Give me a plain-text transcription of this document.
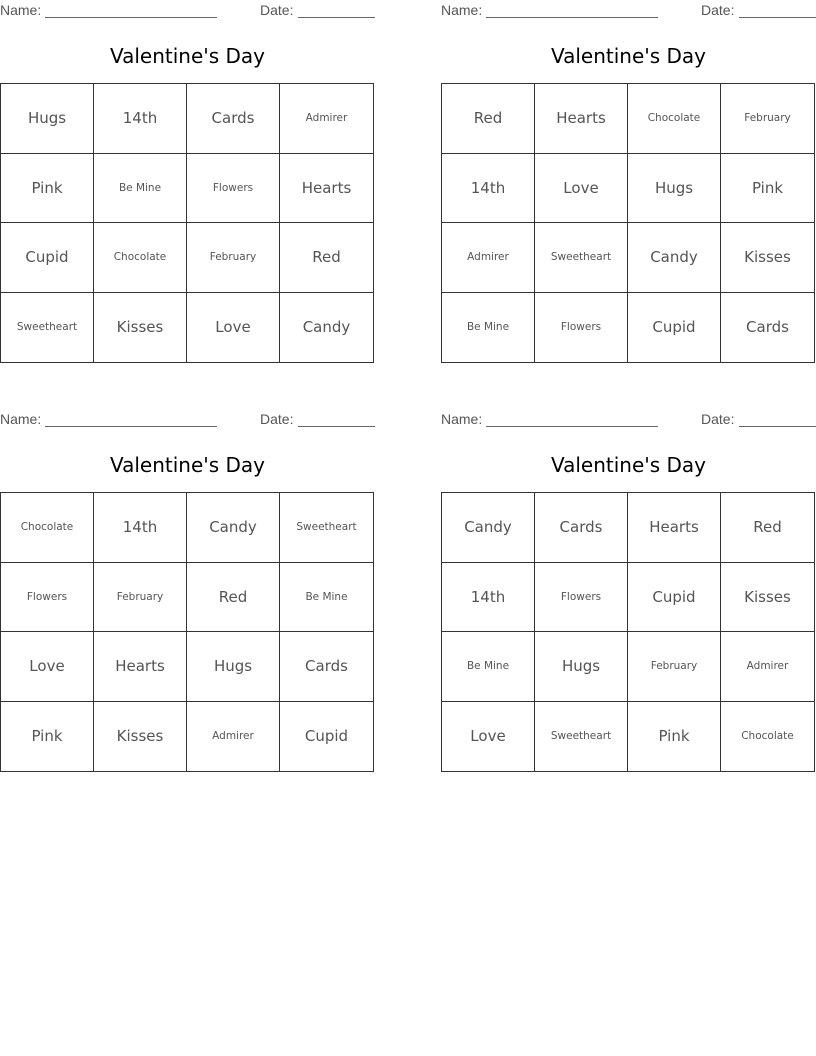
Name:	Date:
Valentine's Day
Hugs	14th	Cards	Admirer
Pink	Be Mine	Flowers	Hearts
Cupid	Chocolate	February	Red
Sweetheart	Kisses	Love	Candy
Name:	Date:
Valentine's Day
Red	Hearts	Chocolate	February
14th	Love	Hugs	Pink
Admirer	Sweetheart	Candy	Kisses
Be Mine	Flowers	Cupid	Cards
Name:	Date:
Valentine's Day
Chocolate	14th	Candy	Sweetheart
Flowers	February	Red	Be Mine
Love	Hearts	Hugs	Cards
Pink	Kisses	Admirer	Cupid
Name:	Date:
Valentine's Day
Candy	Cards	Hearts	Red
14th	Flowers	Cupid	Kisses
Be Mine	Hugs	February	Admirer
Love	Sweetheart	Pink	Chocolate
